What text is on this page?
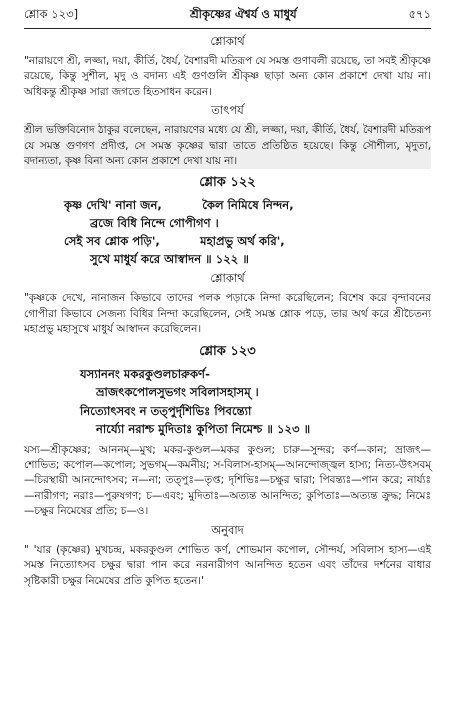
শ্লোক ১২৩]	শ্রীকৃষ্ণের ঐশ্বর্য ও মাধুর্য	৫৭১
শ্লোকার্থ

"নারায়ণে শ্রী, লজ্জা, দয়া, কীর্তি, ধৈর্য, বৈশারদী মতিরূপ যে সমস্ত গুণাবলী রয়েছে, তা সবই শ্রীকৃষ্ণে রয়েছে, কিন্তু সুশীল, মৃদু ও বদান্য এই গুণগুলি শ্রীকৃষ্ণ ছাড়া অন্য কোন প্রকাশে দেখা যায় না। অধিকন্তু শ্রীকৃষ্ণ সারা জগতে হিতসাধন করেন।

তাৎপর্য

শ্রীল ভক্তিবিনোদ ঠাকুর বলেছেন, নারায়ণের মধ্যে যে শ্রী, লজ্জা, দয়া, কীর্তি, ধৈর্য, বৈশারদী মতিরূপ যে সমস্ত গুণগণ প্রদীপ্ত, সে সমস্ত কৃষ্ণের দ্বারা তাতে প্রতিষ্ঠিত হয়েছে। কিন্তু সৌশীল্য, মৃদুতা, বদান্যতা, কৃষ্ণ বিনা অন্য কোন প্রকাশে দেখা যায় না।

শ্লোক ১২২
কৃষ্ণ দেখি' নানা জন,          কৈল নিমিষে নিন্দন,
ব্রজে বিধি নিন্দে গোপীগণ ।
সেই সব শ্লোক পড়ি',          মহাপ্রভু অর্থ করি',
সুখে মাধুর্য করে আস্বাদন ॥ ১২২ ॥
শ্লোকার্থ

"কৃষ্ণকে দেখে, নানাজন কিভাবে তাদের পলক পড়াকে নিন্দা করেছিলেন; বিশেষ করে বৃন্দাবনের গোপীরা কিভাবে সেজন্য বিধির নিন্দা করেছিলেন, সেই সমস্ত শ্লোক পড়ে, তার অর্থ করে শ্রীচৈতন্য মহাপ্রভু মহাসুখে মাধুর্য আস্বাদন করেছিলেন।

শ্লোক ১২৩
যস্যাননং মকরকুণ্ডলচারুকর্ণ-
ভ্রাজৎকপোলসুভগং সবিলাসহাসম্ ।
নিত্যোৎসবং ন তত্পুর্দৃশিভিঃ পিবন্ত্যো
নার্য্যো নরাশ্চ মুদিতাঃ কুপিতা নিমেশ্চ ॥ ১২৩ ॥

যস্য—শ্রীকৃষ্ণের; আননম্—মুখ; মকর-কুণ্ডল—মকর কুণ্ডল; চারু—সুন্দর; কর্ণ—কান; ভ্রাজৎ—শোভিত; কপোল—কপোল; সুভগম্—কমনীয়; স-বিলাস-হাসম্—আনন্দোজ্জ্বল হাস্য; নিত্য-উৎসবম্—চিরস্থায়ী আনন্দোৎসব; ন—না; তত্পুঃ—তৃপ্ত; দৃশিভিঃ—চক্ষুর দ্বারা; পিবন্ত্যঃ—পান করে; নার্য্যঃ—নারীগণ; নরাঃ—পুরুষগণ; চ—এবং; মুদিতাঃ—অত্যন্ত আনন্দিত; কুপিতাঃ—অত্যন্ত ক্রুদ্ধ; নিমেঃ—চক্ষুর নিমেষের প্রতি; চ—ও।

অনুবাদ

" 'যার (কৃষ্ণের) মুখচন্দ্র, মকরকুণ্ডল শোভিত কর্ণ, শোভমান কপোল, সৌন্দর্য, সবিলাস হাস্য—এই সমস্ত নিত্যোৎসব চক্ষুর দ্বারা পান করে নরনারীগণ আনন্দিত হতেন এবং তাঁদের দর্শনের বাধার সৃষ্টিকারী চক্ষুর নিমেষের প্রতি কুপিত হতেন।'
